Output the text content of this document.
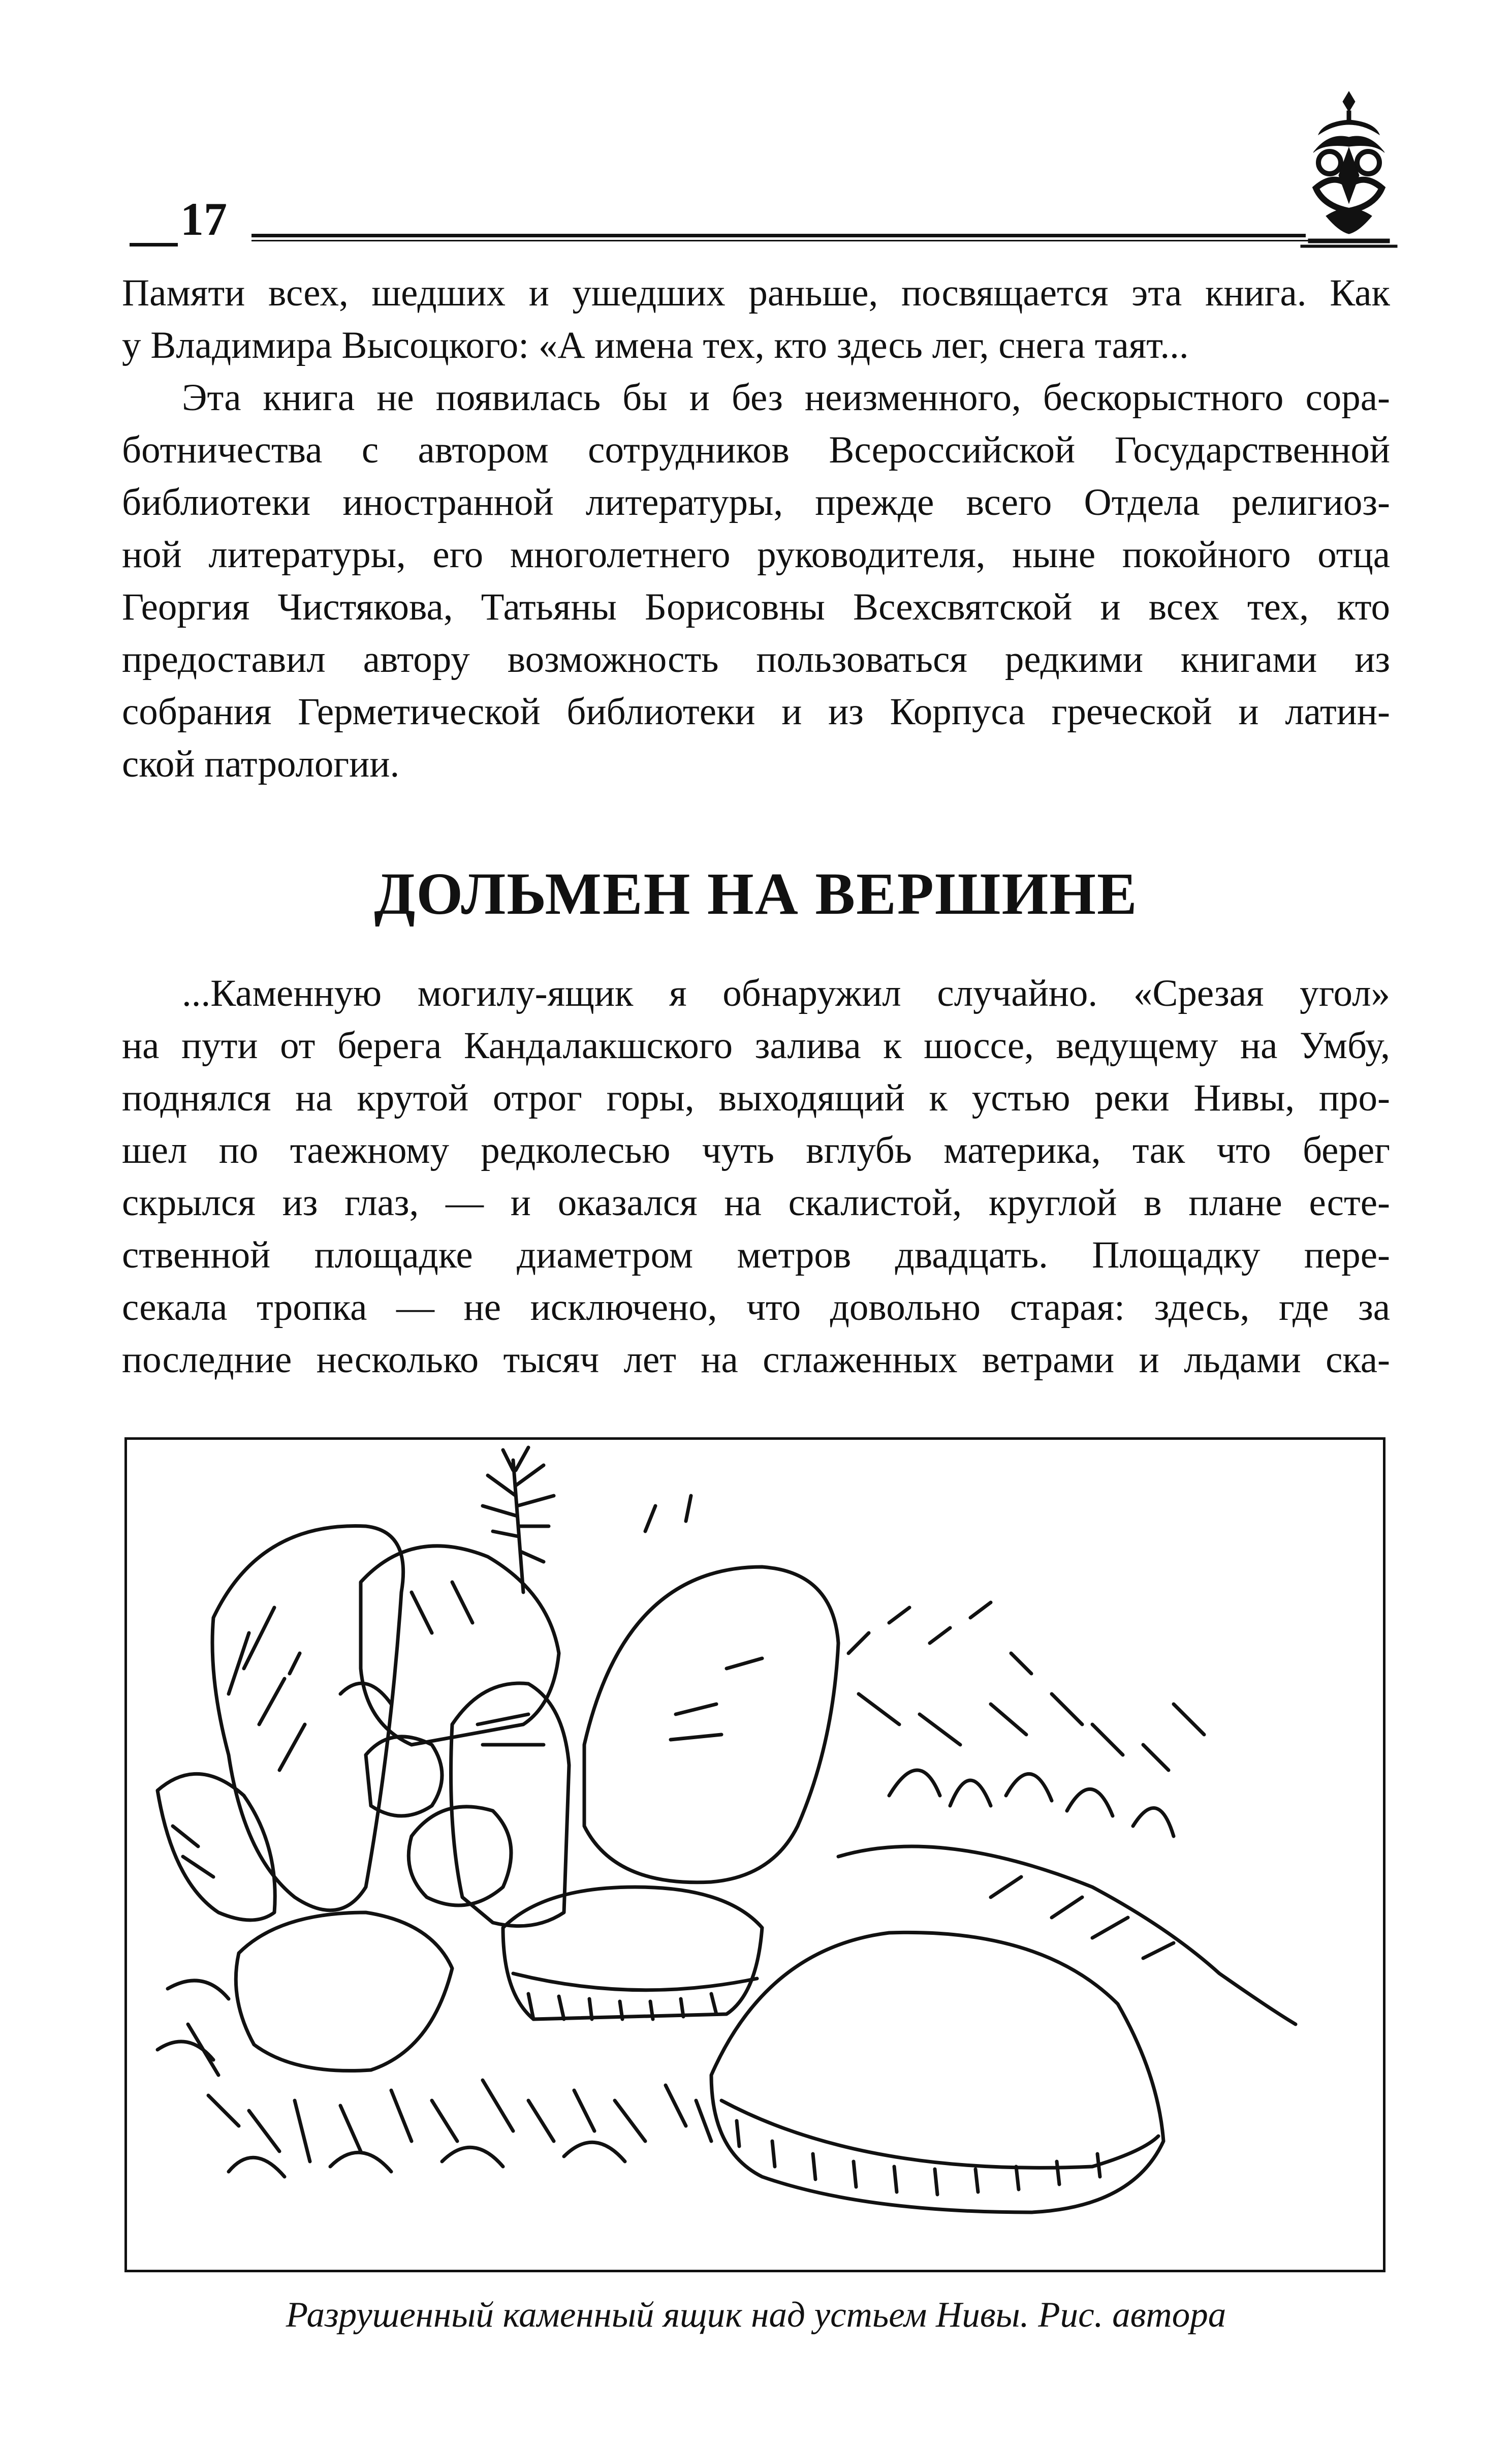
17
Памяти всех, шедших и ушедших раньше, посвящается эта книга. Как
у Владимира Высоцкого: «А имена тех, кто здесь лег, снега таят...
Эта книга не появилась бы и без неизменного, бескорыстного сора-
ботничества с автором сотрудников Всероссийской Государственной
библиотеки иностранной литературы, прежде всего Отдела религиоз-
ной литературы, его многолетнего руководителя, ныне покойного отца
Георгия Чистякова, Татьяны Борисовны Всехсвятской и всех тех, кто
предоставил автору возможность пользоваться редкими книгами из
собрания Герметической библиотеки и из Корпуса греческой и латин-
ской патрологии.
ДОЛЬМЕН НА ВЕРШИНЕ
...Каменную могилу-ящик я обнаружил случайно. «Срезая угол»
на пути от берега Кандалакшского залива к шоссе, ведущему на Умбу,
поднялся на крутой отрог горы, выходящий к устью реки Нивы, про-
шел по таежному редколесью чуть вглубь материка, так что берег
скрылся из глаз, — и оказался на скалистой, круглой в плане есте-
ственной площадке диаметром метров двадцать. Площадку пере-
секала тропка — не исключено, что довольно старая: здесь, где за
последние несколько тысяч лет на сглаженных ветрами и льдами ска-

Разрушенный каменный ящик над устьем Нивы. Рис. автора
